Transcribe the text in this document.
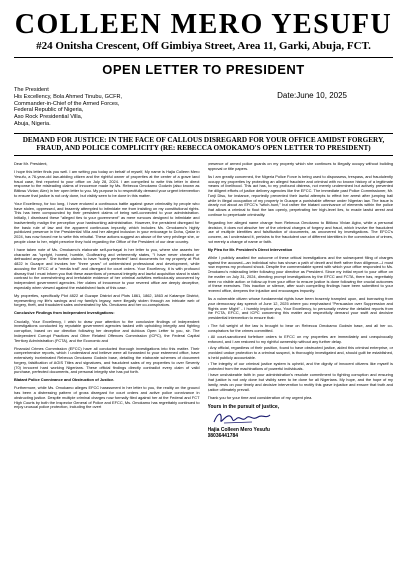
COLLEEN MERO YESUFU
#24 Onitsha Crescent, Off Gimbiya Street, Area 11, Garki, Abuja, FCT.
OPEN LETTER TO PRESIDENT
The President
His Excellency, Bola Ahmed Tinubu, GCFR,
Commander-in-Chief of the Armed Forces,
Federal Republic of Nigeria,
Aso Rock Presidential Villa,
Abuja, Nigeria.
Date:June 10, 2025
DEMAND FOR JUSTICE: IN THE FACE OF CALLOUS DISREGARD FOR YOUR OFFICE AMIDST FORGERY, FRAUD, AND POLICE COMPLICITY (RE: REBECCA OMOKAMO'S OPEN LETTER TO PRESIDENT)

Dear Mr. President,

I hope this letter finds you well. I am writing you today on behalf of myself, My name is Hajia Colleen Mero Yesufu, a 76-year-old law-abiding citizen and the rightful owner of properties at the center of a grave land fraud case, first reported to your office on July 28, 2024. I am compelled to write this letter in direct response to the misleading claims of innocence made by Ms. Rebecca Omokamo Godwin (also known as Bitikwu Vivian; Alex) in her open letter to you. My purpose is to respectfully demand your urgent intervention to ensure that justice is not only done, but visibly seen to be done in this matter.

Your Excellency, for too long, I have endured a continuous battle against grave criminality by people who have stolen, oppressed, and brazenly attempted to intimidate me from insisting on my constitutional rights. This has been compounded by their persistent claims of being well-connected to your administration. Initially, I dismissed these "alleged ties to your government" as mere rumours designed to intimidate and inadvertently malign the perception your hardworking administration. However, the persistent disregard for the basic rule of law and the apparent continuous impunity, which includes Ms. Omokamo's highly publicized presence in the Presidential Villa and her alleged inclusion in your entourage to Doha, Qatar in 2024, has now forced me to write this rebuttal. These actions suggest an abuse of the very privilege she, or people close to her, might perceive they hold regarding the Office of the President of our dear country.

I have taken note of Ms. Omokamo's elaborate self-portrayal in her letter to you, where she asserts her character as "upright, honest, humble, Godfearing and vehemently states, "I have never cheated or defrauded anyone." She further claims to have "solely perfected" land documents for my property at Plot 4822 in Guzape and invokes her "three years" of unblemished professional and development, while accusing the EFCC of a "media trail" and disregard for court orders. Your Excellency, it is with profound dismay that I must inform you that these assertions of personal integrity and lawful acquisition stand in stark contrast to the overwhelming and irrefutable evidence of her criminal activities meticulously uncovered by independent government agencies. Her claims of innocence to your revered office are deeply deceptive, especially when viewed against the established facts of this case.

My properties, specifically Plot 4822 at Guzape District and Plots 1861, 1862, 1863 at Katampe District, representing my life's savings and my family's legacy, were illegally stolen through an intricate web of forgery, theft, and fraudulent sales orchestrated by Ms. Omokamo and her co-conspirators.

Conclusive Findings from Independent Investigations:

Crucially, Your Excellency, I wish to draw your attention to the conclusive findings of independent investigations conducted by reputable government agencies tasked with upholding integrity and fighting corruption, based on our direction following her deceptive and dubious Open Letter to you, sir. The Independent Corrupt Practices and Other Related Offences Commission (ICPC), the Federal Capital Territory Administration (FCTA), and the Economic and

Financial Crimes Commission (EFCC) have all conducted thorough investigations into this matter. Their comprehensive reports, which I understand and believe were all forwarded to your esteemed office, have extensively incriminated Rebecca Omokamo Godwin base, detailing the elaborate schemes of document forgery, falsification of AGIS Titles and signatures, and fraudulent sales of my properties to over Seventy (70) innocent hard working Nigerians. These official findings directly contradict every claim of valid purchase, perfected documents, and personal integrity she has put forth.

Blatant Police Connivance and Obstruction of Justice.

Furthermore, while Ms. Omokamo alleges EFCC harassment in her letter to you, the reality on the ground has been a distressing pattern of gross disregard for court orders and active police connivance in obstructing justice. Despite multiple criminal charges now formally filed against her at the Federal and FCT High Courts by both the Inspector General of Police and EFCC, Ms. Omokamo has regrettably continued to enjoy unusual police protection, including the overt

presence of armed police guards on my property which she continues to illegally occupy without building approval or title papers.

As I am greatly concerned, the Nigeria Police Force is being used to dispossess, trespass, and fraudulently occupy my properties by protecting an alleged fraudster and criminal with no known history of a legitimate means of livelihood. This act has, to my profound distress, not merely undermined but actively prevented the diligent efforts of justice delivery agencies like the EFCC. The immediate past Police Commissioner, Mr. Tunji Disu, for instance, reportedly prevented their lawful attempts to effect her arrest after jumping bail while in illegal occupation of my property in Guzape a punishable offense under Nigerian law. The issue is clearly not about an EFCC's "witch-hunt," but rather the blatant connivance of elements within the police that allows a criminal to flout the law openly, perpetrating her high-level lies, to evade lawful arrest and continue to perpetuate criminality.

Regarding her alleged name change from Rebecca Omokamo to Bitikwu Vivian Agbo, while a personal decision, it does not absolve her of the criminal charges of forgery and fraud, which involve the fraudulent use of multiple identities and falsification of documents, as uncovered by investigations. The EFCC's concern, as I understand it, pertains to the fraudulent use of different identities in the commission of crimes, not merely a change of name or faith.

My Plea for Mr. President's Direct Intervention

While I publicly awaited the outcome of these critical investigations and the subsequent filing of charges against the accused—an individual who has shown a path of deceit and theft rather than diligence—I must now express my profound shock. Despite the commendable speed with which your office responded to Ms. Omokamo's misleading letter following your directive as President. Since my initial report to your office on the matter on July 31, 2024, directing prompt investigations by the EFCC and FCTA, there has, regrettably been no visible action or follow-up from your office to ensure justice is done following the crucial outcomes of these exercises. This inaction or silence, after such compelling findings have been submitted to your revered office, deepens the injustice and encourages impunity.

As a vulnerable citizen whose fundamental rights have been brazenly trampled upon, and borrowing from your democracy day speech of June 12, 2025 where you emphasised "Persuasion over Suppression and Rights over Might" - I humbly implore you, Your Excellency, to personally review the detailed reports from the FCTA, EFCC, and ICPC concerning this matter and respectfully demand your swift and decisive presidential intervention to ensure that:

• The full weight of the law is brought to bear on Rebecca Omokamo Godwin base, and all her co-conspirators for the crimes committed.

• All court-sanctioned forfeiture orders to EFCC on my properties are immediately and unequivocally enforced, and I am restored to my rightful ownership without any further delay.

• Any official, regardless of their position, found to have obstructed justice, aided this criminal enterprise, or provided undue protection to a criminal suspect, is thoroughly investigated and, should guilt be established, is held publicly accountable.

• The integrity of our criminal justice system is upheld, and the dignity of innocent citizens like myself is protected from the machinations of powerful individuals.

I have unshakeable faith in your administration's resolute commitment to fighting corruption and ensuring that justice is not only done but visibly seen to be done for all Nigerians. My hope, and the hope of my family, rests on your timely and decisive intervention to rectify this grave injustice and ensure that truth and justice ultimately prevail.

Thank you for your time and consideration of my urgent plea.

Yours in the pursuit of justice,
Hajia Colleen Mero Yesufu
08036441784
